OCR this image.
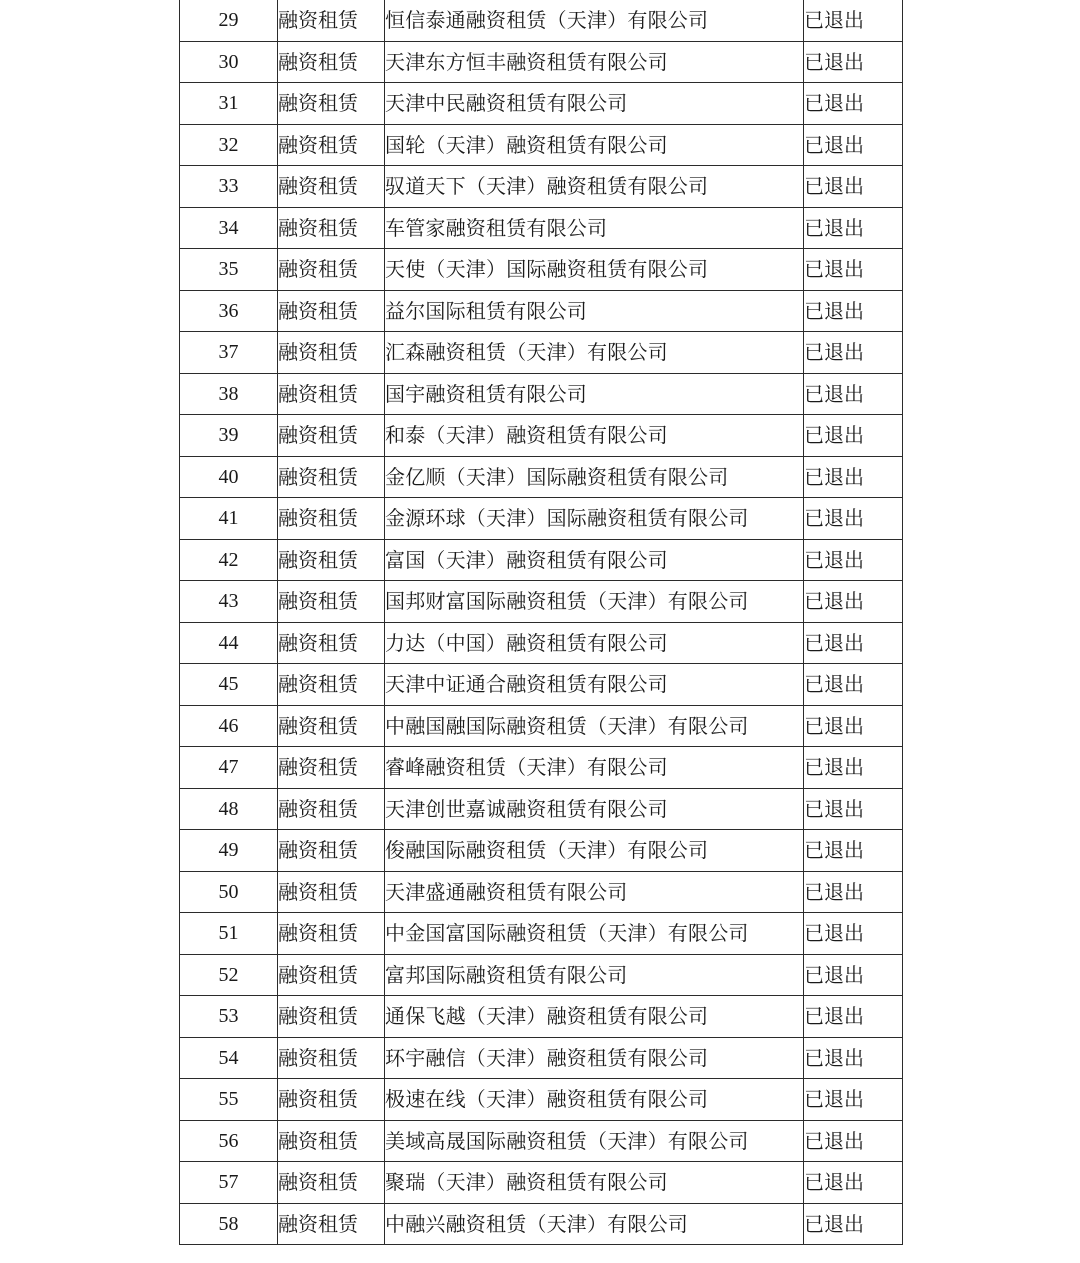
29	融资租赁	恒信泰通融资租赁（天津）有限公司	已退出
30	融资租赁	天津东方恒丰融资租赁有限公司	已退出
31	融资租赁	天津中民融资租赁有限公司	已退出
32	融资租赁	国轮（天津）融资租赁有限公司	已退出
33	融资租赁	驭道天下（天津）融资租赁有限公司	已退出
34	融资租赁	车管家融资租赁有限公司	已退出
35	融资租赁	天使（天津）国际融资租赁有限公司	已退出
36	融资租赁	益尔国际租赁有限公司	已退出
37	融资租赁	汇森融资租赁（天津）有限公司	已退出
38	融资租赁	国宇融资租赁有限公司	已退出
39	融资租赁	和泰（天津）融资租赁有限公司	已退出
40	融资租赁	金亿顺（天津）国际融资租赁有限公司	已退出
41	融资租赁	金源环球（天津）国际融资租赁有限公司	已退出
42	融资租赁	富国（天津）融资租赁有限公司	已退出
43	融资租赁	国邦财富国际融资租赁（天津）有限公司	已退出
44	融资租赁	力达（中国）融资租赁有限公司	已退出
45	融资租赁	天津中证通合融资租赁有限公司	已退出
46	融资租赁	中融国融国际融资租赁（天津）有限公司	已退出
47	融资租赁	睿峰融资租赁（天津）有限公司	已退出
48	融资租赁	天津创世嘉诚融资租赁有限公司	已退出
49	融资租赁	俊融国际融资租赁（天津）有限公司	已退出
50	融资租赁	天津盛通融资租赁有限公司	已退出
51	融资租赁	中金国富国际融资租赁（天津）有限公司	已退出
52	融资租赁	富邦国际融资租赁有限公司	已退出
53	融资租赁	通保飞越（天津）融资租赁有限公司	已退出
54	融资租赁	环宇融信（天津）融资租赁有限公司	已退出
55	融资租赁	极速在线（天津）融资租赁有限公司	已退出
56	融资租赁	美域高晟国际融资租赁（天津）有限公司	已退出
57	融资租赁	聚瑞（天津）融资租赁有限公司	已退出
58	融资租赁	中融兴融资租赁（天津）有限公司	已退出
